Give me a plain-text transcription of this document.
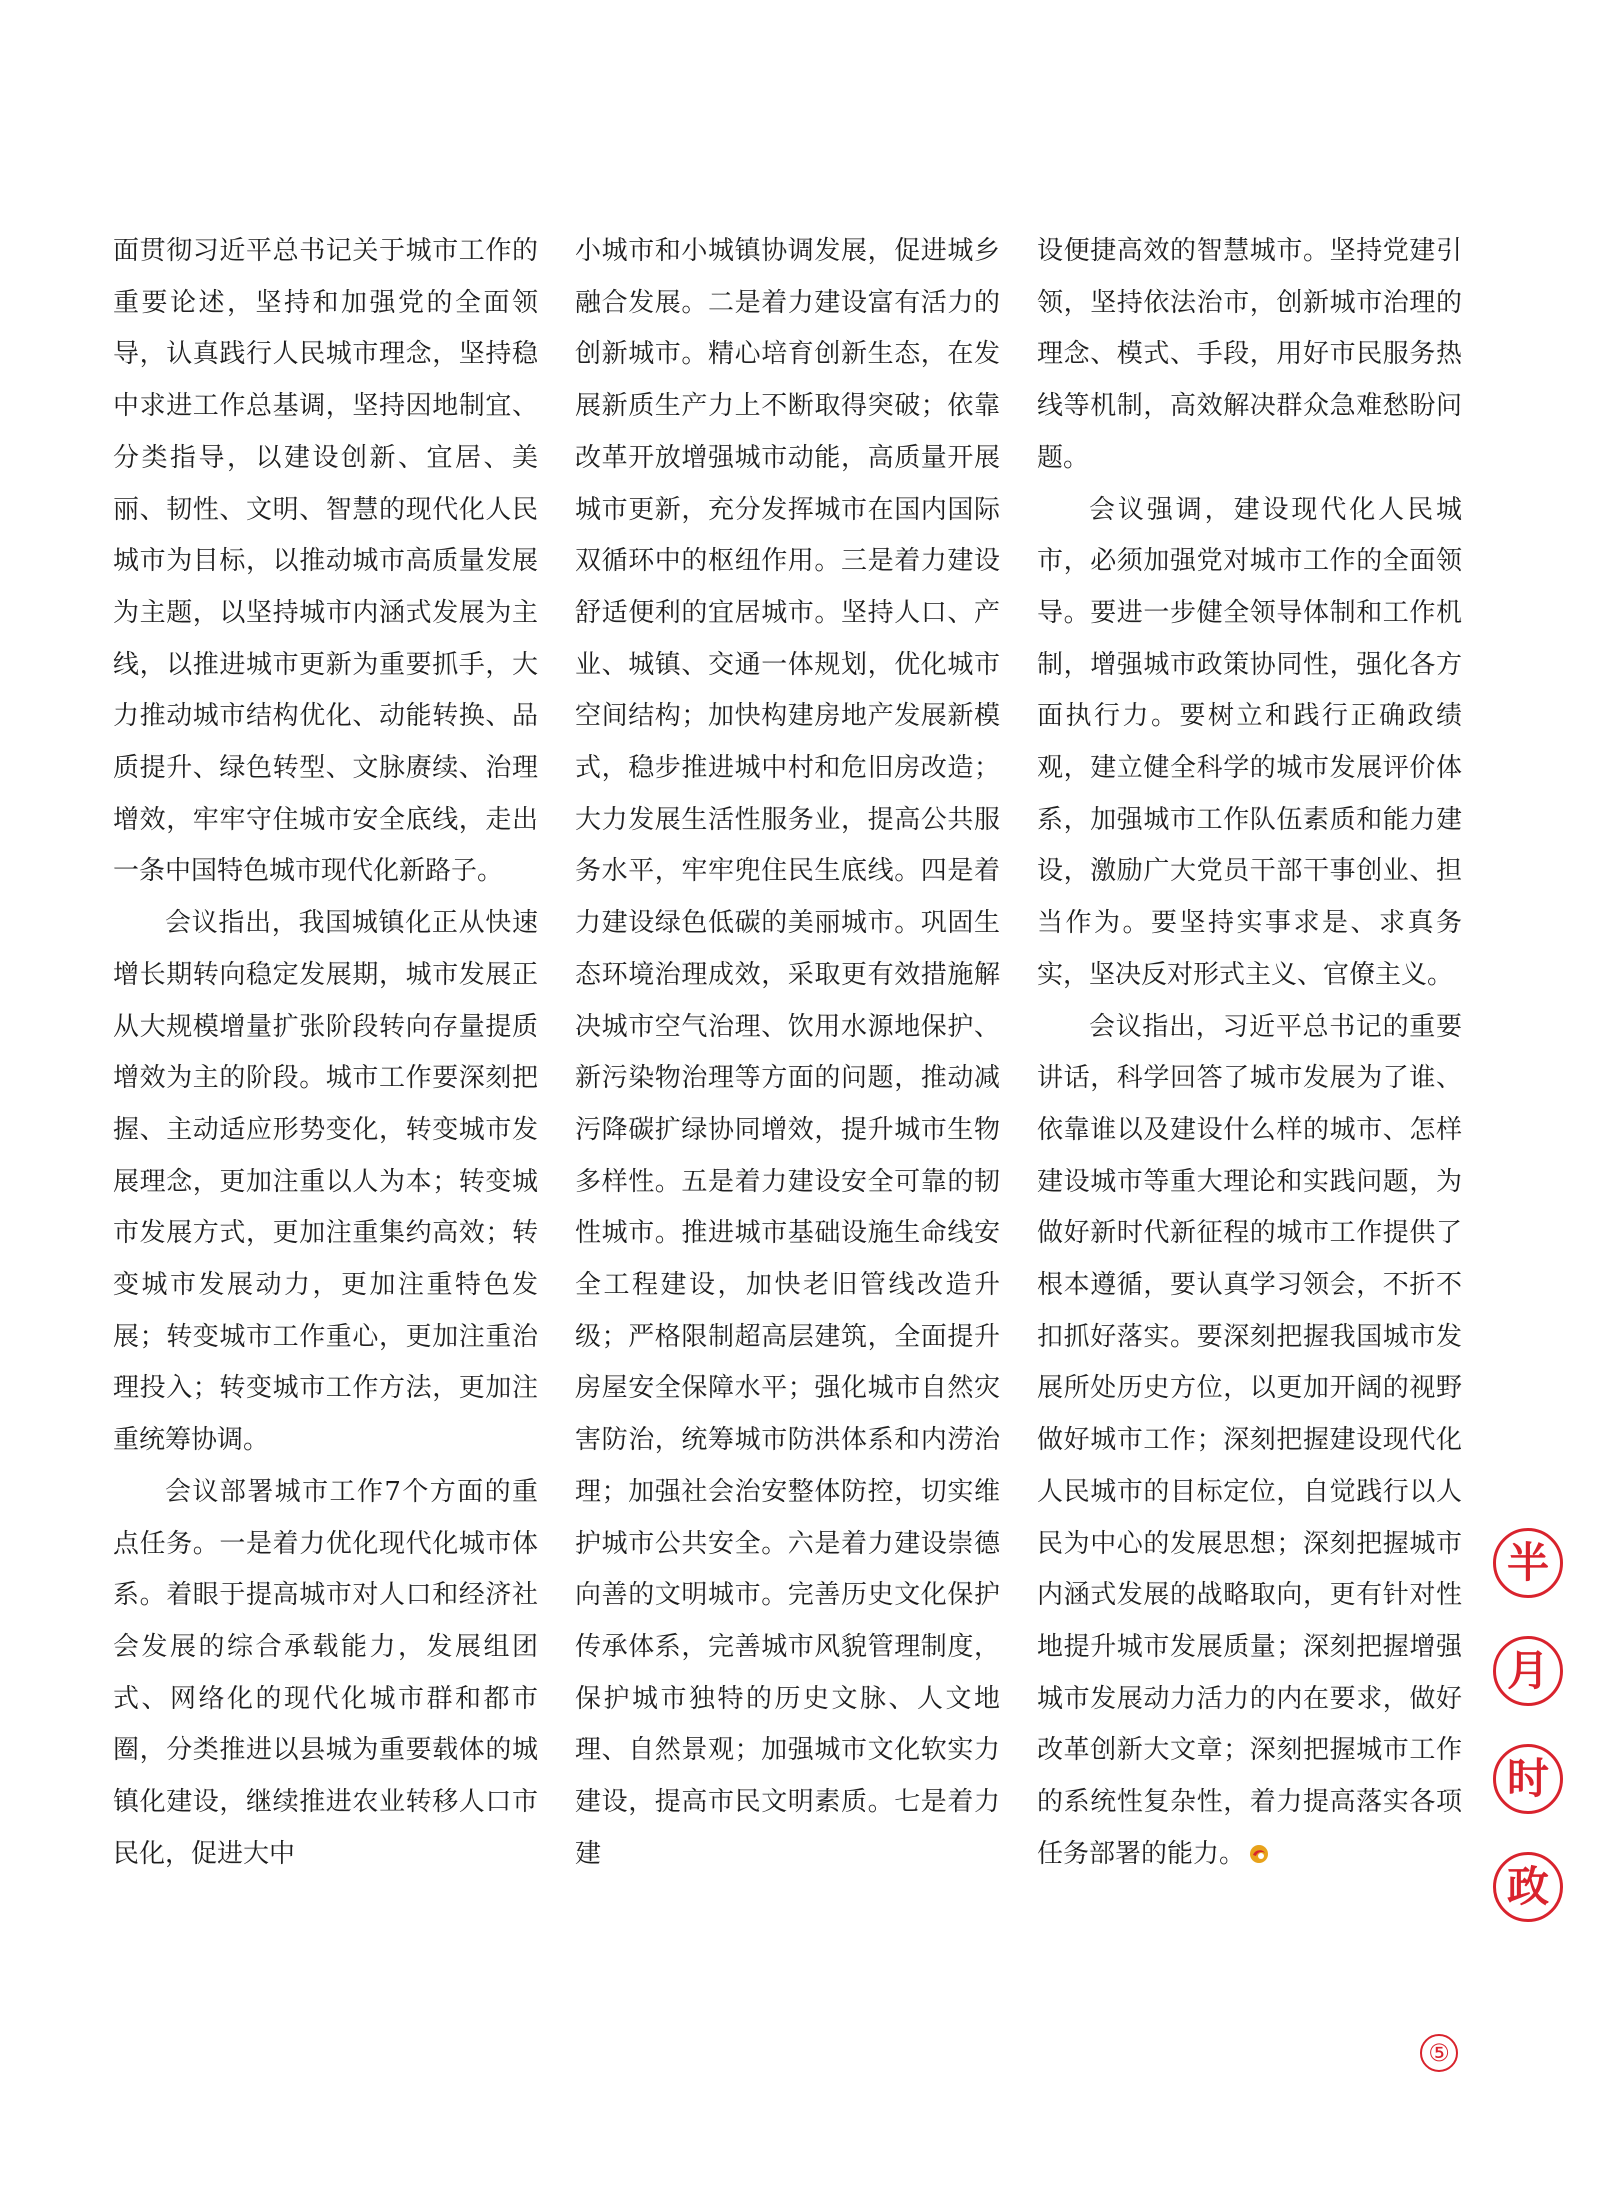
面贯彻习近平总书记关于城市工作的重要论述，坚持和加强党的全面领导，认真践行人民城市理念，坚持稳中求进工作总基调，坚持因地制宜、分类指导，以建设创新、宜居、美丽、韧性、文明、智慧的现代化人民城市为目标，以推动城市高质量发展为主题，以坚持城市内涵式发展为主线，以推进城市更新为重要抓手，大力推动城市结构优化、动能转换、品质提升、绿色转型、文脉赓续、治理增效，牢牢守住城市安全底线，走出一条中国特色城市现代化新路子。

会议指出，我国城镇化正从快速增长期转向稳定发展期，城市发展正从大规模增量扩张阶段转向存量提质增效为主的阶段。城市工作要深刻把握、主动适应形势变化，转变城市发展理念，更加注重以人为本；转变城市发展方式，更加注重集约高效；转变城市发展动力，更加注重特色发展；转变城市工作重心，更加注重治理投入；转变城市工作方法，更加注重统筹协调。

会议部署城市工作7个方面的重点任务。一是着力优化现代化城市体系。着眼于提高城市对人口和经济社会发展的综合承载能力，发展组团式、网络化的现代化城市群和都市圈，分类推进以县城为重要载体的城镇化建设，继续推进农业转移人口市民化，促进大中

小城市和小城镇协调发展，促进城乡融合发展。二是着力建设富有活力的创新城市。精心培育创新生态，在发展新质生产力上不断取得突破；依靠改革开放增强城市动能，高质量开展城市更新，充分发挥城市在国内国际双循环中的枢纽作用。三是着力建设舒适便利的宜居城市。坚持人口、产业、城镇、交通一体规划，优化城市空间结构；加快构建房地产发展新模式，稳步推进城中村和危旧房改造；大力发展生活性服务业，提高公共服务水平，牢牢兜住民生底线。四是着力建设绿色低碳的美丽城市。巩固生态环境治理成效，采取更有效措施解决城市空气治理、饮用水源地保护、新污染物治理等方面的问题，推动减污降碳扩绿协同增效，提升城市生物多样性。五是着力建设安全可靠的韧性城市。推进城市基础设施生命线安全工程建设，加快老旧管线改造升级；严格限制超高层建筑，全面提升房屋安全保障水平；强化城市自然灾害防治，统筹城市防洪体系和内涝治理；加强社会治安整体防控，切实维护城市公共安全。六是着力建设崇德向善的文明城市。完善历史文化保护传承体系，完善城市风貌管理制度，保护城市独特的历史文脉、人文地理、自然景观；加强城市文化软实力建设，提高市民文明素质。七是着力建

设便捷高效的智慧城市。坚持党建引领，坚持依法治市，创新城市治理的理念、模式、手段，用好市民服务热线等机制，高效解决群众急难愁盼问题。

会议强调，建设现代化人民城市，必须加强党对城市工作的全面领导。要进一步健全领导体制和工作机制，增强城市政策协同性，强化各方面执行力。要树立和践行正确政绩观，建立健全科学的城市发展评价体系，加强城市工作队伍素质和能力建设，激励广大党员干部干事创业、担当作为。要坚持实事求是、求真务实，坚决反对形式主义、官僚主义。

会议指出，习近平总书记的重要讲话，科学回答了城市发展为了谁、依靠谁以及建设什么样的城市、怎样建设城市等重大理论和实践问题，为做好新时代新征程的城市工作提供了根本遵循，要认真学习领会，不折不扣抓好落实。要深刻把握我国城市发展所处历史方位，以更加开阔的视野做好城市工作；深刻把握建设现代化人民城市的目标定位，自觉践行以人民为中心的发展思想；深刻把握城市内涵式发展的战略取向，更有针对性地提升城市发展质量；深刻把握增强城市发展动力活力的内在要求，做好改革创新大文章；深刻把握城市工作的系统性复杂性，着力提高落实各项任务部署的能力。

半
月
时
政
⑤
